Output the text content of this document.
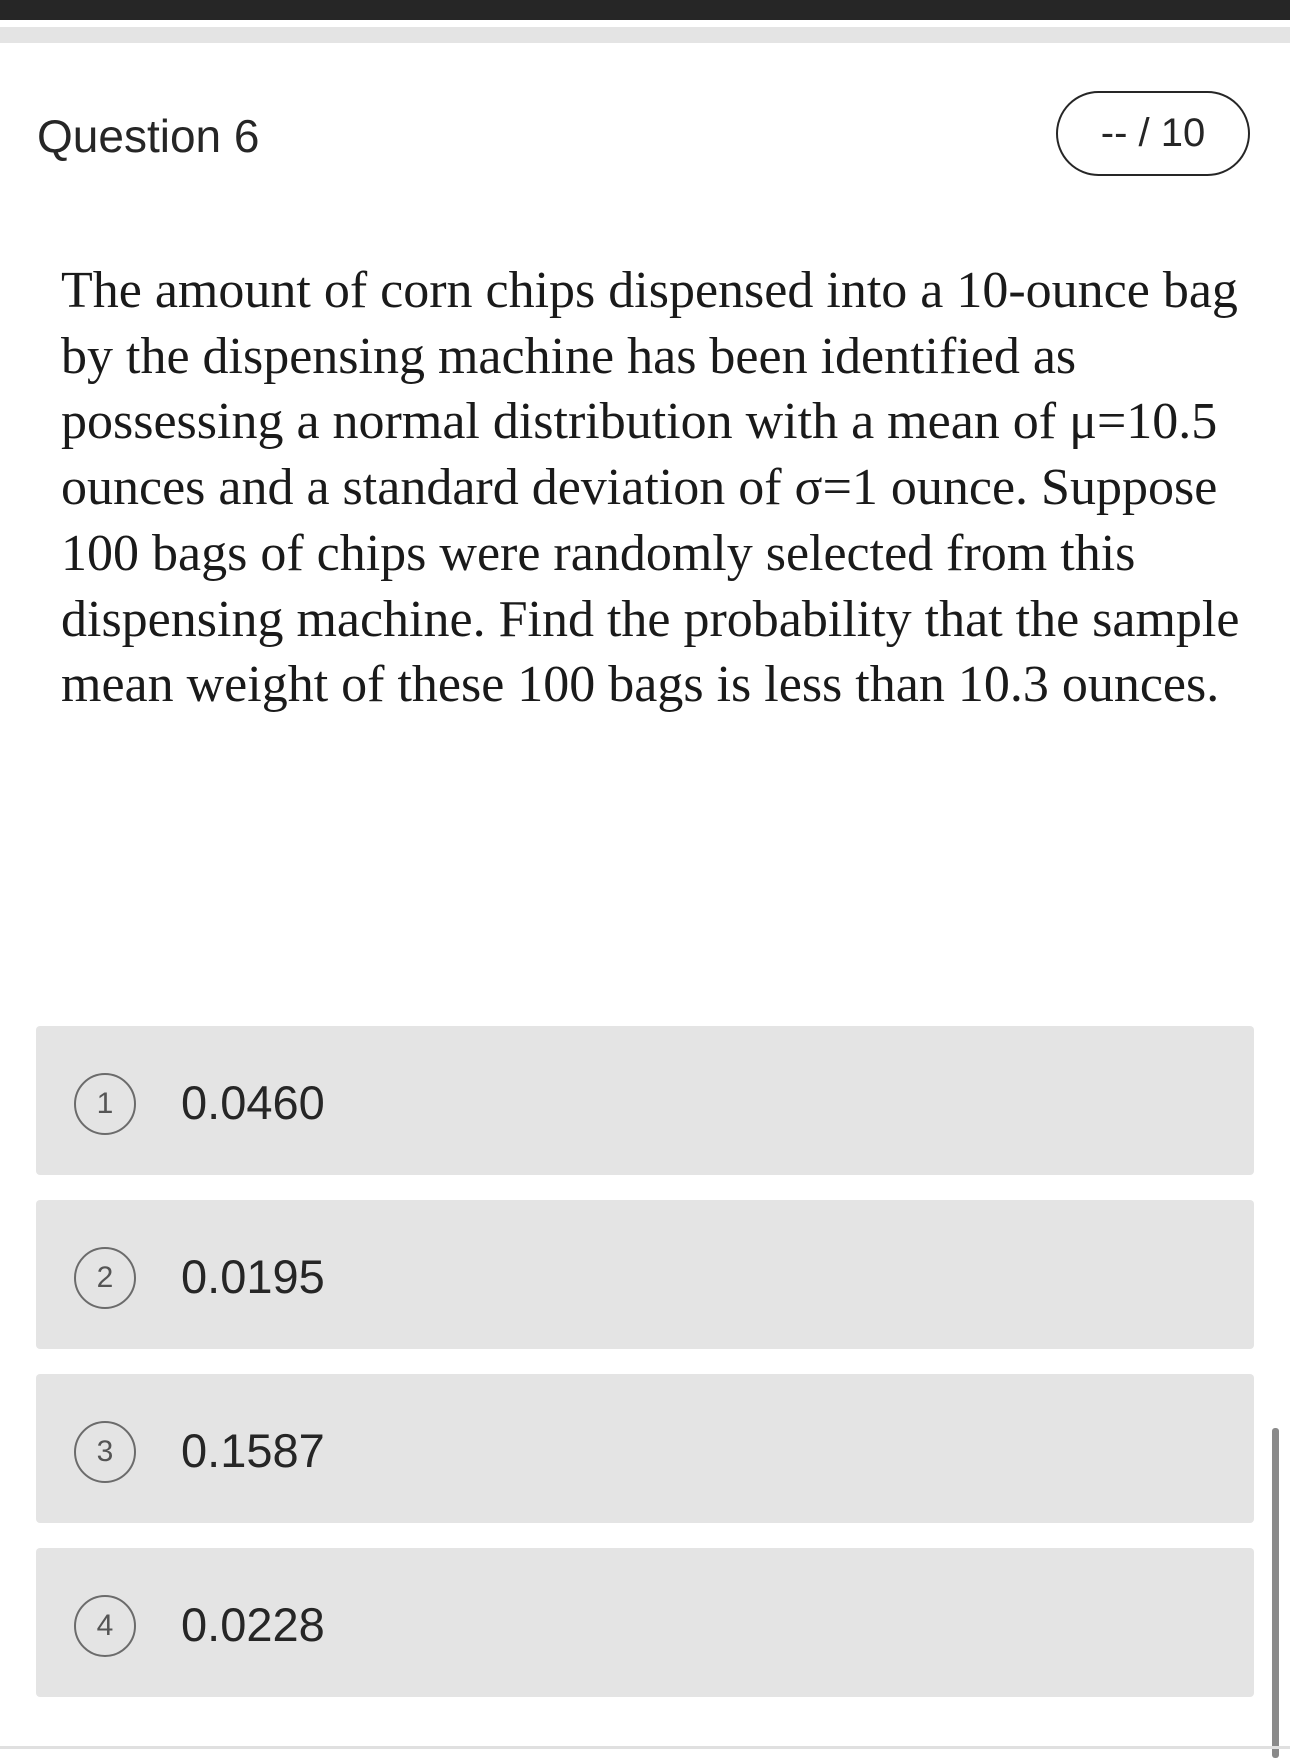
Question 6	-- / 10

The amount of corn chips dispensed into a 10-ounce bag by the dispensing machine has been identified as possessing a normal distribution with a mean of μ=10.5 ounces and a standard deviation of σ=1 ounce. Suppose 100 bags of chips were randomly selected from this dispensing machine. Find the probability that the sample mean weight of these 100 bags is less than 10.3 ounces.

1	0.0460
2	0.0195
3	0.1587
4	0.0228
